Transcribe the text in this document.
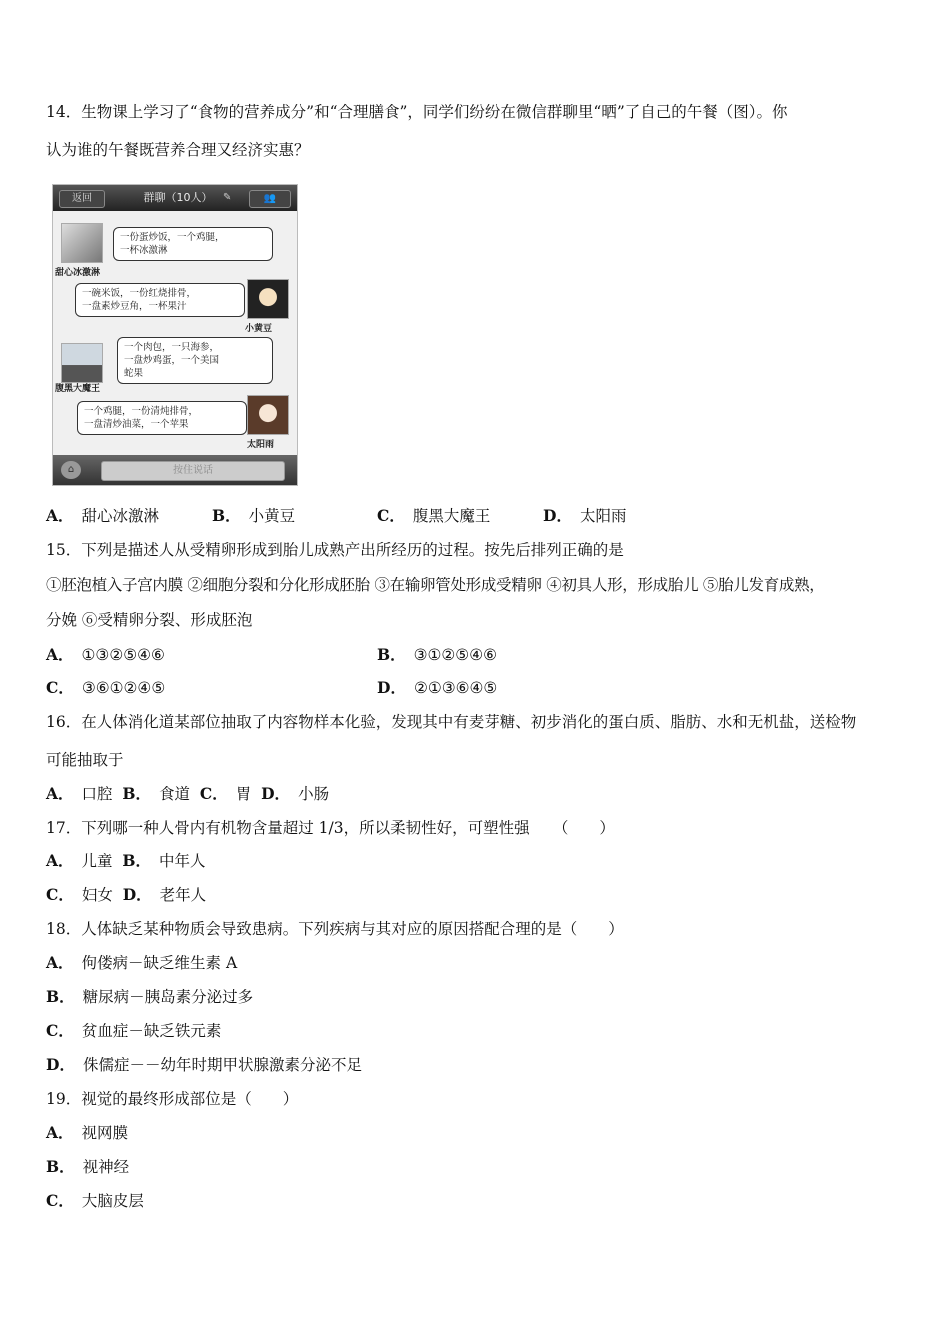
14．生物课上学习了“食物的营养成分”和“合理膳食”，同学们纷纷在微信群聊里“晒”了自己的午餐（图）。你
认为谁的午餐既营养合理又经济实惠？
返回	群聊（10人）	✎	👥
甜心冰激淋
一份蛋炒饭，一个鸡腿，
一杯冰激淋
小黄豆
一碗米饭，一份红烧排骨，
一盘素炒豆角，一杯果汁
腹黑大魔王
一个肉包，一只海参，
一盘炒鸡蛋，一个美国
蛇果
太阳雨
一个鸡腿，一份清炖排骨，
一盘清炒油菜，一个苹果
⌂	按住说话
A． 甜心冰激淋	B． 小黄豆	C． 腹黑大魔王	D． 太阳雨
15．下列是描述人从受精卵形成到胎儿成熟产出所经历的过程。按先后排列正确的是
①胚泡植入子宫内膜 ②细胞分裂和分化形成胚胎 ③在输卵管处形成受精卵 ④初具人形，形成胎儿 ⑤胎儿发育成熟，
分娩 ⑥受精卵分裂、形成胚泡
A． ①③②⑤④⑥	B． ③①②⑤④⑥
C． ③⑥①②④⑤	D． ②①③⑥④⑤
16．在人体消化道某部位抽取了内容物样本化验，发现其中有麦芽糖、初步消化的蛋白质、脂肪、水和无机盐，送检物
可能抽取于
A． 口腔 B． 食道 C． 胃 D． 小肠
17．下列哪一种人骨内有机物含量超过 1/3，所以柔韧性好，可塑性强　　（　　）
A． 儿童 B． 中年人
C． 妇女 D． 老年人
18．人体缺乏某种物质会导致患病。下列疾病与其对应的原因搭配合理的是（　　）
A． 佝偻病－缺乏维生素 A
B． 糖尿病－胰岛素分泌过多
C． 贫血症－缺乏铁元素
D． 侏儒症－－幼年时期甲状腺激素分泌不足
19．视觉的最终形成部位是（　　）
A． 视网膜
B． 视神经
C． 大脑皮层
